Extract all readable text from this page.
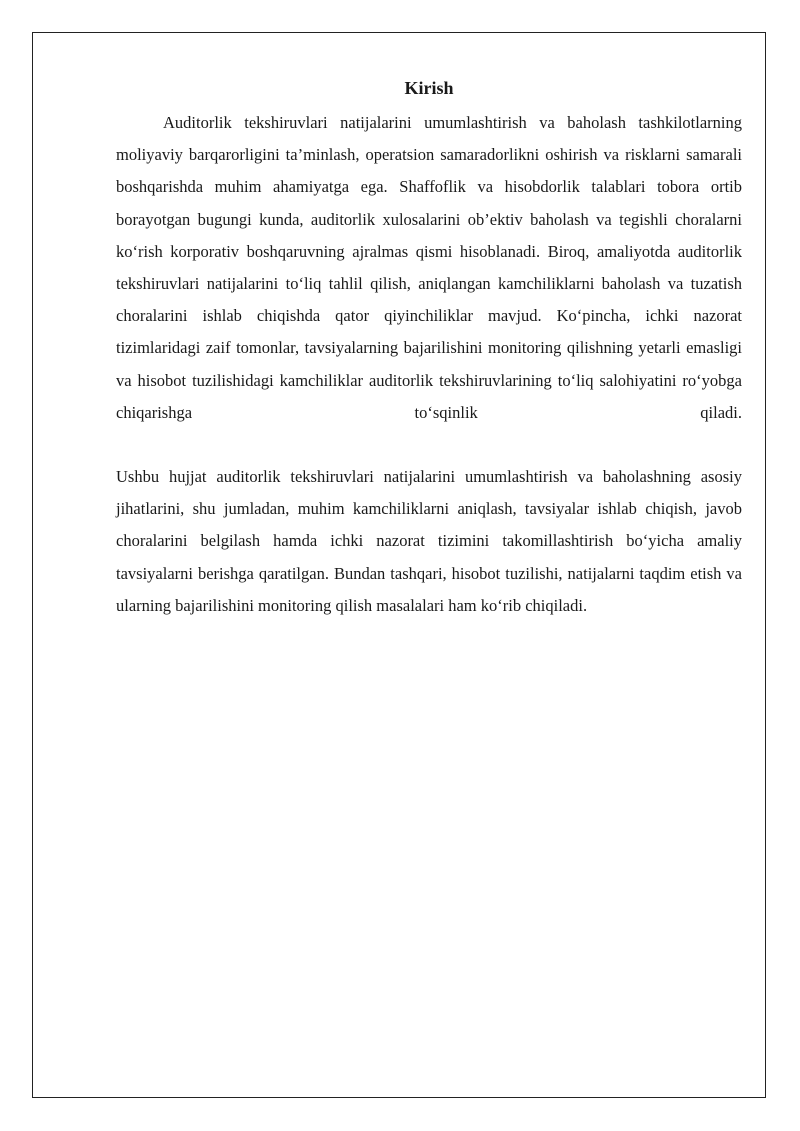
Kirish

Auditorlik tekshiruvlari natijalarini umumlashtirish va baholash tashkilotlarning moliyaviy barqarorligini ta’minlash, operatsion samaradorlikni oshirish va risklarni samarali boshqarishda muhim ahamiyatga ega. Shaffoflik va hisobdorlik talablari tobora ortib borayotgan bugungi kunda, auditorlik xulosalarini ob’ektiv baholash va tegishli choralarni ko‘rish korporativ boshqaruvning ajralmas qismi hisoblanadi. Biroq, amaliyotda auditorlik tekshiruvlari natijalarini to‘liq tahlil qilish, aniqlangan kamchiliklarni baholash va tuzatish choralarini ishlab chiqishda qator qiyinchiliklar mavjud. Ko‘pincha, ichki nazorat tizimlaridagi zaif tomonlar, tavsiyalarning bajarilishini monitoring qilishning yetarli emasligi va hisobot tuzilishidagi kamchiliklar auditorlik tekshiruvlarining to‘liq salohiyatini ro‘yobga chiqarishga to‘sqinlik qiladi.

Ushbu hujjat auditorlik tekshiruvlari natijalarini umumlashtirish va baholashning asosiy jihatlarini, shu jumladan, muhim kamchiliklarni aniqlash, tavsiyalar ishlab chiqish, javob choralarini belgilash hamda ichki nazorat tizimini takomillashtirish bo‘yicha amaliy tavsiyalarni berishga qaratilgan. Bundan tashqari, hisobot tuzilishi, natijalarni taqdim etish va ularning bajarilishini monitoring qilish masalalari ham ko‘rib chiqiladi.
